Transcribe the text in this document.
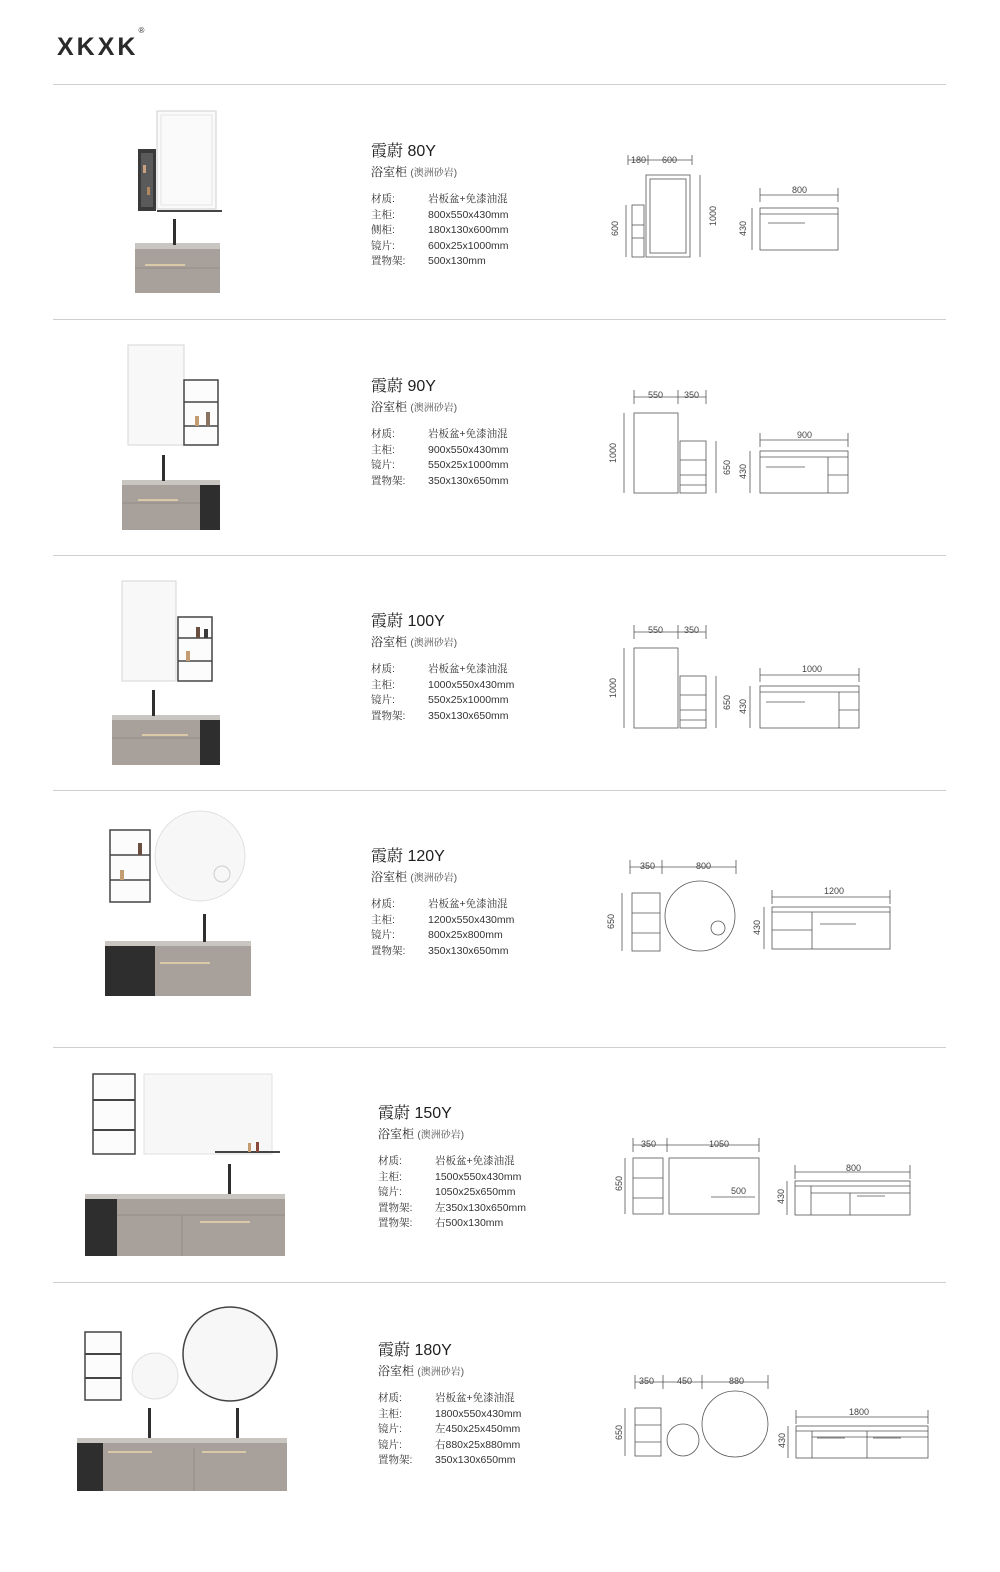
XKXK®
霞蔚 80Y
浴室柜 (澳洲砂岩)
材质:	岩板盆+免漆油混
主柜:	800x550x430mm
侧柜:	180x130x600mm
镜片:	600x25x1000mm
置物架:	500x130mm
180 600
600
1000
800
430
霞蔚 90Y
浴室柜 (澳洲砂岩)
材质:	岩板盆+免漆油混
主柜:	900x550x430mm
镜片:	550x25x1000mm
置物架:	350x130x650mm
550 350
1000
650
900
430
霞蔚 100Y
浴室柜 (澳洲砂岩)
材质:	岩板盆+免漆油混
主柜:	1000x550x430mm
镜片:	550x25x1000mm
置物架:	350x130x650mm
550 350
1000
650
1000
430
霞蔚 120Y
浴室柜 (澳洲砂岩)
材质:	岩板盆+免漆油混
主柜:	1200x550x430mm
镜片:	800x25x800mm
置物架:	350x130x650mm
350	800
650
1200
430
霞蔚 150Y
浴室柜 (澳洲砂岩)
材质:	岩板盆+免漆油混
主柜:	1500x550x430mm
镜片:	1050x25x650mm
置物架:	左350x130x650mm
置物架:	右500x130mm
350	1050
500
650
800
430
霞蔚 180Y
浴室柜 (澳洲砂岩)
材质:	岩板盆+免漆油混
主柜:	1800x550x430mm
镜片:	左450x25x450mm
镜片:	右880x25x880mm
置物架:	350x130x650mm
350	450	880
650
1800
430
